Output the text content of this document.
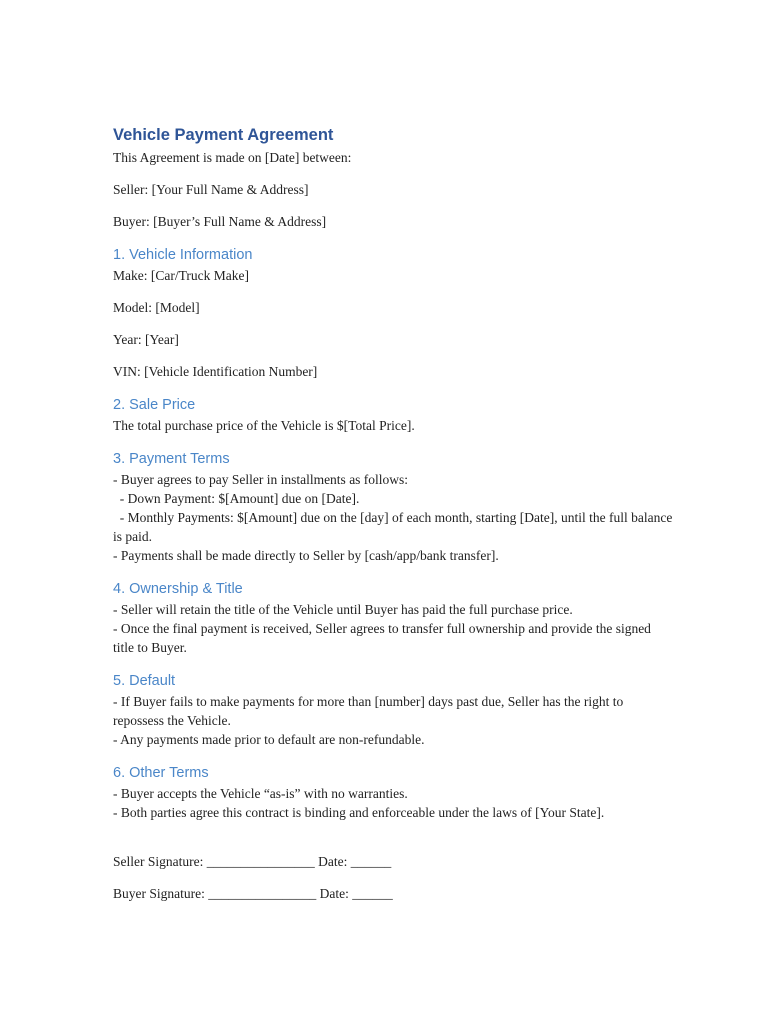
Vehicle Payment Agreement
This Agreement is made on [Date] between:
Seller: [Your Full Name & Address]
Buyer: [Buyer’s Full Name & Address]
1. Vehicle Information
Make: [Car/Truck Make]
Model: [Model]
Year: [Year]
VIN: [Vehicle Identification Number]
2. Sale Price
The total purchase price of the Vehicle is $[Total Price].
3. Payment Terms
- Buyer agrees to pay Seller in installments as follows:
- Down Payment: $[Amount] due on [Date].
- Monthly Payments: $[Amount] due on the [day] of each month, starting [Date], until the full balance is paid.
- Payments shall be made directly to Seller by [cash/app/bank transfer].
4. Ownership & Title
- Seller will retain the title of the Vehicle until Buyer has paid the full purchase price.
- Once the final payment is received, Seller agrees to transfer full ownership and provide the signed title to Buyer.
5. Default
- If Buyer fails to make payments for more than [number] days past due, Seller has the right to repossess the Vehicle.
- Any payments made prior to default are non-refundable.
6. Other Terms
- Buyer accepts the Vehicle “as-is” with no warranties.
- Both parties agree this contract is binding and enforceable under the laws of [Your State].
Seller Signature: ________________ Date: ______
Buyer Signature: ________________ Date: ______
